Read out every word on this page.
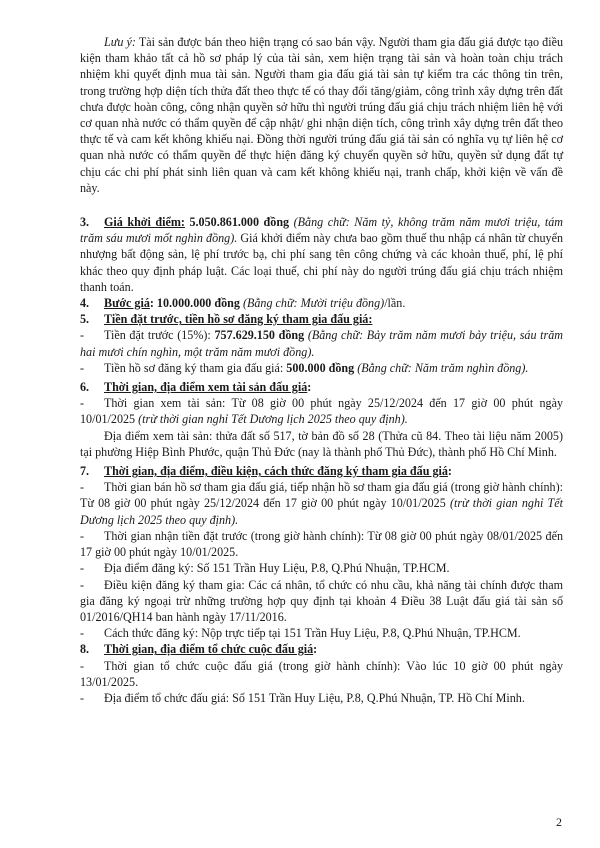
Lưu ý: Tài sản được bán theo hiện trạng có sao bán vậy. Người tham gia đấu giá được tạo điều kiện tham khảo tất cả hồ sơ pháp lý của tài sản, xem hiện trạng tài sản và hoàn toàn chịu trách nhiệm khi quyết định mua tài sản. Người tham gia đấu giá tài sản tự kiểm tra các thông tin trên, trong trường hợp diện tích thửa đất theo thực tế có thay đổi tăng/giảm, công trình xây dựng trên đất chưa được hoàn công, công nhận quyền sở hữu thì người trúng đấu giá chịu trách nhiệm liên hệ với cơ quan nhà nước có thẩm quyền để cập nhật/ ghi nhận diện tích, công trình xây dựng trên đất theo thực tế và cam kết không khiếu nại. Đồng thời người trúng đấu giá tài sản có nghĩa vụ tự liên hệ cơ quan nhà nước có thẩm quyền để thực hiện đăng ký chuyển quyền sở hữu, quyền sử dụng đất tự chịu các chi phí phát sinh liên quan và cam kết không khiếu nại, tranh chấp, khởi kiện về vấn đề này.

3. Giá khởi điểm: 5.050.861.000 đồng (Bằng chữ: Năm tỷ, không trăm năm mươi triệu, tám trăm sáu mươi mốt nghìn đồng). Giá khởi điểm này chưa bao gồm thuế thu nhập cá nhân từ chuyển nhượng bất động sản, lệ phí trước bạ, chi phí sang tên công chứng và các khoản thuế, phí, lệ phí khác theo quy định pháp luật. Các loại thuế, chi phí này do người trúng đấu giá chịu trách nhiệm thanh toán.

4. Bước giá: 10.000.000 đồng (Bằng chữ: Mười triệu đồng)/lần.

5. Tiền đặt trước, tiền hồ sơ đăng ký tham gia đấu giá:

- Tiền đặt trước (15%): 757.629.150 đồng (Bằng chữ: Bảy trăm năm mươi bảy triệu, sáu trăm hai mươi chín nghìn, một trăm năm mươi đồng).

- Tiền hồ sơ đăng ký tham gia đấu giá: 500.000 đồng (Bằng chữ: Năm trăm nghìn đồng).

6. Thời gian, địa điểm xem tài sản đấu giá:

- Thời gian xem tài sản: Từ 08 giờ 00 phút ngày 25/12/2024 đến 17 giờ 00 phút ngày 10/01/2025 (trừ thời gian nghỉ Tết Dương lịch 2025 theo quy định).

Địa điểm xem tài sản: thửa đất số 517, tờ bản đồ số 28 (Thửa cũ 84. Theo tài liệu năm 2005) tại phường Hiệp Bình Phước, quận Thủ Đức (nay là thành phố Thủ Đức), thành phố Hồ Chí Minh.

7. Thời gian, địa điểm, điều kiện, cách thức đăng ký tham gia đấu giá:

- Thời gian bán hồ sơ tham gia đấu giá, tiếp nhận hồ sơ tham gia đấu giá (trong giờ hành chính): Từ 08 giờ 00 phút ngày 25/12/2024 đến 17 giờ 00 phút ngày 10/01/2025 (trừ thời gian nghỉ Tết Dương lịch 2025 theo quy định).

- Thời gian nhận tiền đặt trước (trong giờ hành chính): Từ 08 giờ 00 phút ngày 08/01/2025 đến 17 giờ 00 phút ngày 10/01/2025.

- Địa điểm đăng ký: Số 151 Trần Huy Liệu, P.8, Q.Phú Nhuận, TP.HCM.

- Điều kiện đăng ký tham gia: Các cá nhân, tổ chức có nhu cầu, khả năng tài chính được tham gia đăng ký ngoại trừ những trường hợp quy định tại khoản 4 Điều 38 Luật đấu giá tài sản số 01/2016/QH14 ban hành ngày 17/11/2016.

- Cách thức đăng ký: Nộp trực tiếp tại 151 Trần Huy Liệu, P.8, Q.Phú Nhuận, TP.HCM.

8. Thời gian, địa điểm tổ chức cuộc đấu giá:

- Thời gian tổ chức cuộc đấu giá (trong giờ hành chính): Vào lúc 10 giờ 00 phút ngày 13/01/2025.

- Địa điểm tổ chức đấu giá: Số 151 Trần Huy Liệu, P.8, Q.Phú Nhuận, TP. Hồ Chí Minh.

2
